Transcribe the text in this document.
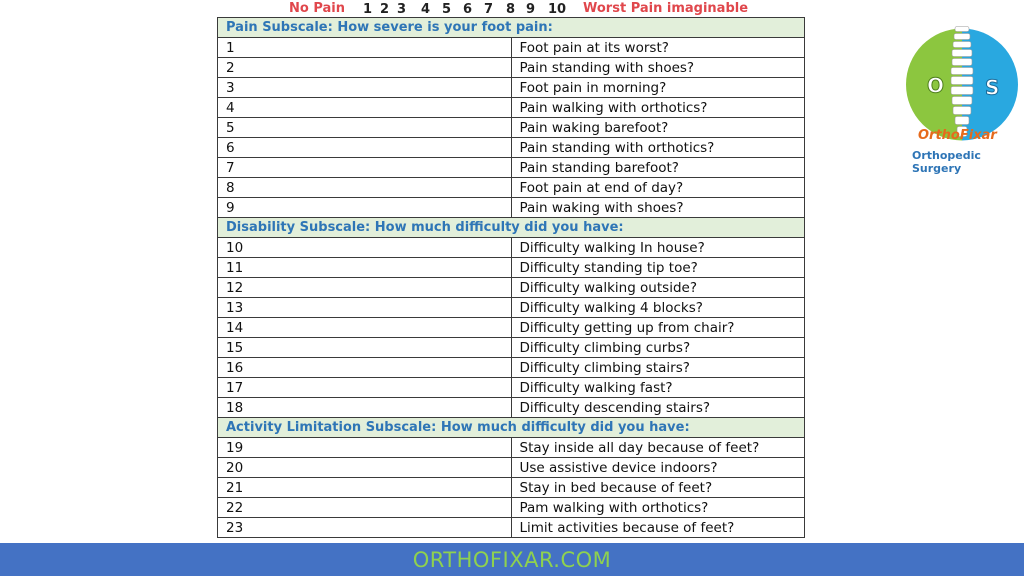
No Pain 1 2 3 4 5 6 7 8 9 10 Worst Pain imaginable
Pain Subscale: How severe is your foot pain:	
1	Foot pain at its worst?
2	Pain standing with shoes?
3	Foot pain in morning?
4	Pain walking with orthotics?
5	Pain waking barefoot?
6	Pain standing with orthotics?
7	Pain standing barefoot?
8	Foot pain at end of day?
9	Pain waking with shoes?
Disability Subscale: How much difficulty did you have:	
10	Difficulty walking In house?
11	Difficulty standing tip toe?
12	Difficulty walking outside?
13	Difficulty walking 4 blocks?
14	Difficulty getting up from chair?
15	Difficulty climbing curbs?
16	Difficulty climbing stairs?
17	Difficulty walking fast?
18	Difficulty descending stairs?
Activity Limitation Subscale: How much difficulty did you have:	
19	Stay inside all day because of feet?
20	Use assistive device indoors?
21	Stay in bed because of feet?
22	Pam walking with orthotics?
23	Limit activities because of feet?
O S
OrthoFixar
Orthopedic Surgery
ORTHOFIXAR.COM
